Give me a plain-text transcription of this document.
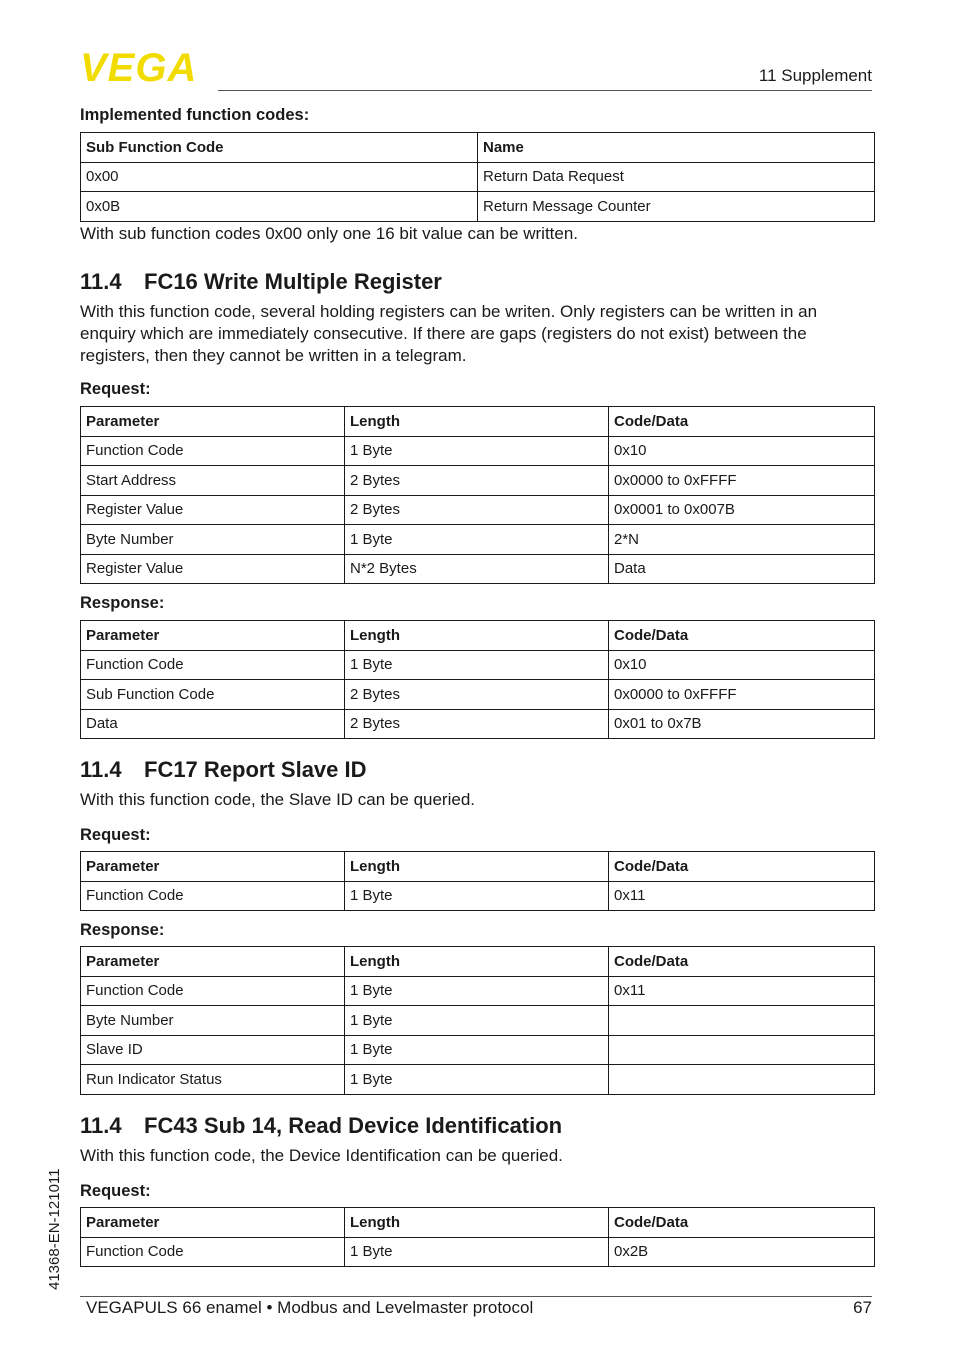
VEGA	11 Supplement
Implemented function codes:
Sub Function Code	Name
0x00	Return Data Request
0x0B	Return Message Counter
With sub function codes 0x00 only one 16 bit value can be written.
11.4 FC16 Write Multiple Register
With this function code, several holding registers can be writen. Only registers can be written in an
enquiry which are immediately consecutive. If there are gaps (registers do not exist) between the
registers, then they cannot be written in a telegram.
Request:
Parameter	Length	Code/Data
Function Code	1 Byte	0x10
Start Address	2 Bytes	0x0000 to 0xFFFF
Register Value	2 Bytes	0x0001 to 0x007B
Byte Number	1 Byte	2*N
Register Value	N*2 Bytes	Data
Response:
Parameter	Length	Code/Data
Function Code	1 Byte	0x10
Sub Function Code	2 Bytes	0x0000 to 0xFFFF
Data	2 Bytes	0x01 to 0x7B
11.4 FC17 Report Slave ID
With this function code, the Slave ID can be queried.
Request:
Parameter	Length	Code/Data
Function Code	1 Byte	0x11
Response:
Parameter	Length	Code/Data
Function Code	1 Byte	0x11
Byte Number	1 Byte	
Slave ID	1 Byte	
Run Indicator Status	1 Byte	
11.4 FC43 Sub 14, Read Device Identification
With this function code, the Device Identification can be queried.
Request:
Parameter	Length	Code/Data
Function Code	1 Byte	0x2B
41368-EN-121011
VEGAPULS 66 enamel • Modbus and Levelmaster protocol	67
